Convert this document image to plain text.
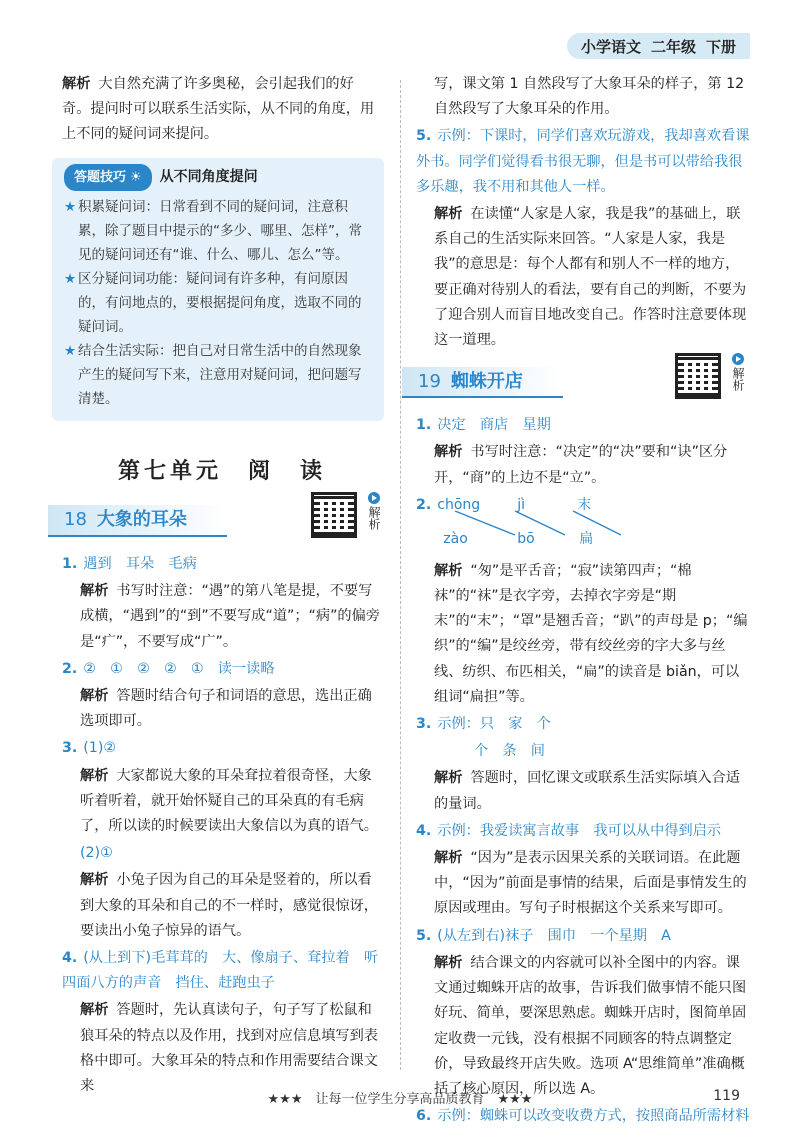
小学语文 二年级 下册
解析 大自然充满了许多奥秘，会引起我们的好奇。提问时可以联系生活实际，从不同的角度，用上不同的疑问词来提问。
答题技巧 ☀ 从不同角度提问
★ 积累疑问词：日常看到不同的疑问词，注意积累，除了题目中提示的“多少、哪里、怎样”，常见的疑问词还有“谁、什么、哪儿、怎么”等。
★ 区分疑问词功能：疑问词有许多种，有问原因的，有问地点的，要根据提问角度，选取不同的疑问词。
★ 结合生活实际：把自己对日常生活中的自然现象产生的疑问写下来，注意用对疑问词，把问题写清楚。
第七单元　阅　读
18 大象的耳朵	解析
1. 遇到　耳朵　毛病
解析 书写时注意：“遇”的第八笔是提，不要写成横，“遇到”的“到”不要写成“道”；“病”的偏旁是“疒”，不要写成“广”。
2. ②　①　②　②　①　读一读略
解析 答题时结合句子和词语的意思，选出正确选项即可。
3. (1)②
解析 大家都说大象的耳朵耷拉着很奇怪，大象听着听着，就开始怀疑自己的耳朵真的有毛病了，所以读的时候要读出大象信以为真的语气。
(2)①
解析 小兔子因为自己的耳朵是竖着的，所以看到大象的耳朵和自己的不一样时，感觉很惊讶，要读出小兔子惊异的语气。
4. (从上到下)毛茸茸的　大、像扇子、耷拉着　听四面八方的声音　挡住、赶跑虫子
解析 答题时，先认真读句子，句子写了松鼠和狼耳朵的特点以及作用，找到对应信息填写到表格中即可。大象耳朵的特点和作用需要结合课文来
写，课文第 1 自然段写了大象耳朵的样子，第 12 自然段写了大象耳朵的作用。
5. 示例：下课时，同学们喜欢玩游戏，我却喜欢看课外书。同学们觉得看书很无聊，但是书可以带给我很多乐趣，我不用和其他人一样。
解析 在读懂“人家是人家，我是我”的基础上，联系自己的生活实际来回答。“人家是人家，我是我”的意思是：每个人都有和别人不一样的地方，要正确对待别人的看法，要有自己的判断，不要为了迎合别人而盲目地改变自己。作答时注意要体现这一道理。
19 蜘蛛开店	解析
1. 决定　商店　星期
解析 书写时注意：“决定”的“决”要和“诀”区分开，“商”的上边不是“立”。
2. chōng	jì	末
zào	bō	扁
解析 “匆”是平舌音；“寂”读第四声；“棉袜”的“袜”是衣字旁，去掉衣字旁是“期末”的“末”；“罩”是翘舌音；“趴”的声母是 p；“编织”的“编”是绞丝旁，带有绞丝旁的字大多与丝线、纺织、布匹相关，“扁”的读音是 biǎn，可以组词“扁担”等。
3. 示例：只　家　个
个　条　间
解析 答题时，回忆课文或联系生活实际填入合适的量词。
4. 示例：我爱读寓言故事　我可以从中得到启示
解析 “因为”是表示因果关系的关联词语。在此题中，“因为”前面是事情的结果，后面是事情发生的原因或理由。写句子时根据这个关系来写即可。
5. (从左到右)袜子　围巾　一个星期　A
解析 结合课文的内容就可以补全图中的内容。课文通过蜘蛛开店的故事，告诉我们做事情不能只图好玩、简单，要深思熟虑。蜘蛛开店时，图简单固定收费一元钱，没有根据不同顾客的特点调整定价，导致最终开店失败。选项 A“思维简单”准确概括了核心原因，所以选 A。
6. 示例：蜘蛛可以改变收费方式，按照商品所需材料
★★★　让每一位学生分享高品质教育　★★★	119
